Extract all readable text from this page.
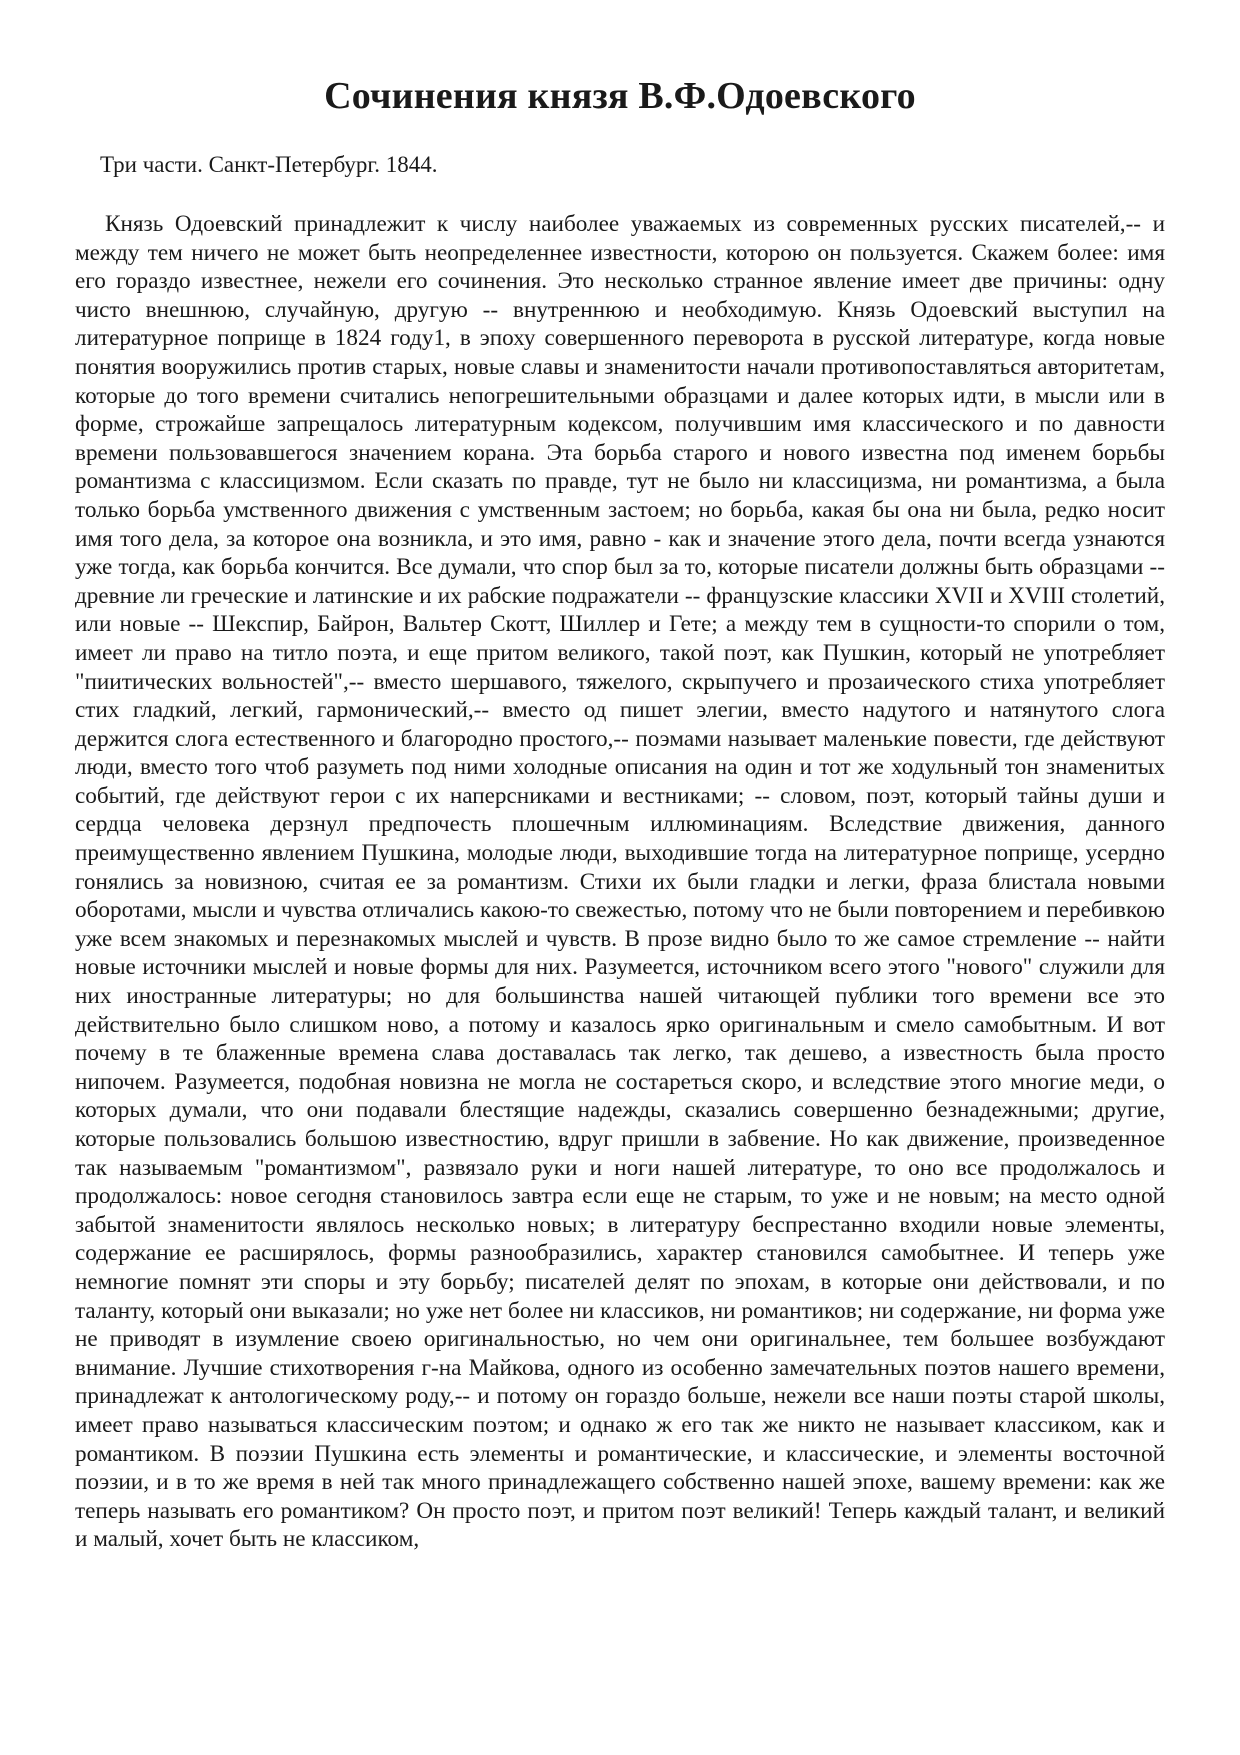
Сочинения князя В.Ф.Одоевского

Три части. Санкт-Петербург. 1844.

Князь Одоевский принадлежит к числу наиболее уважаемых из современных русских писателей,-- и между тем ничего не может быть неопределеннее известности, которою он пользуется. Скажем более: имя его гораздо известнее, нежели его сочинения. Это несколько странное явление имеет две причины: одну чисто внешнюю, случайную, другую -- внутреннюю и необходимую. Князь Одоевский выступил на литературное поприще в 1824 году1, в эпоху совершенного переворота в русской литературе, когда новые понятия вооружились против старых, новые славы и знаменитости начали противопоставляться авторитетам, которые до того времени считались непогрешительными образцами и далее которых идти, в мысли или в форме, строжайше запрещалось литературным кодексом, получившим имя классического и по давности времени пользовавшегося значением корана. Эта борьба старого и нового известна под именем борьбы романтизма с классицизмом. Если сказать по правде, тут не было ни классицизма, ни романтизма, а была только борьба умственного движения с умственным застоем; но борьба, какая бы она ни была, редко носит имя того дела, за которое она возникла, и это имя, равно - как и значение этого дела, почти всегда узнаются уже тогда, как борьба кончится. Все думали, что спор был за то, которые писатели должны быть образцами -- древние ли греческие и латинские и их рабские подражатели -- французские классики XVII и XVIII столетий, или новые -- Шекспир, Байрон, Вальтер Скотт, Шиллер и Гете; а между тем в сущности-то спорили о том, имеет ли право на титло поэта, и еще притом великого, такой поэт, как Пушкин, который не употребляет "пиитических вольностей",-- вместо шершавого, тяжелого, скрыпучего и прозаического стиха употребляет стих гладкий, легкий, гармонический,-- вместо од пишет элегии, вместо надутого и натянутого слога держится слога естественного и благородно простого,-- поэмами называет маленькие повести, где действуют люди, вместо того чтоб разуметь под ними холодные описания на один и тот же ходульный тон знаменитых событий, где действуют герои с их наперсниками и вестниками; -- словом, поэт, который тайны души и сердца человека дерзнул предпочесть плошечным иллюминациям. Вследствие движения, данного преимущественно явлением Пушкина, молодые люди, выходившие тогда на литературное поприще, усердно гонялись за новизною, считая ее за романтизм. Стихи их были гладки и легки, фраза блистала новыми оборотами, мысли и чувства отличались какою-то свежестью, потому что не были повторением и перебивкою уже всем знакомых и перезнакомых мыслей и чувств. В прозе видно было то же самое стремление -- найти новые источники мыслей и новые формы для них. Разумеется, источником всего этого "нового" служили для них иностранные литературы; но для большинства нашей читающей публики того времени все это действительно было слишком ново, а потому и казалось ярко оригинальным и смело самобытным. И вот почему в те блаженные времена слава доставалась так легко, так дешево, а известность была просто нипочем. Разумеется, подобная новизна не могла не состареться скоро, и вследствие этого многие меди, о которых думали, что они подавали блестящие надежды, сказались совершенно безнадежными; другие, которые пользовались большою известностию, вдруг пришли в забвение. Но как движение, произведенное так называемым "романтизмом", развязало руки и ноги нашей литературе, то оно все продолжалось и продолжалось: новое сегодня становилось завтра если еще не старым, то уже и не новым; на место одной забытой знаменитости являлось несколько новых; в литературу беспрестанно входили новые элементы, содержание ее расширялось, формы разнообразились, характер становился самобытнее. И теперь уже немногие помнят эти споры и эту борьбу; писателей делят по эпохам, в которые они действовали, и по таланту, который они выказали; но уже нет более ни классиков, ни романтиков; ни содержание, ни форма уже не приводят в изумление своею оригинальностью, но чем они оригинальнее, тем большее возбуждают внимание. Лучшие стихотворения г-на Майкова, одного из особенно замечательных поэтов нашего времени, принадлежат к антологическому роду,-- и потому он гораздо больше, нежели все наши поэты старой школы, имеет право называться классическим поэтом; и однако ж его так же никто не называет классиком, как и романтиком. В поэзии Пушкина есть элементы и романтические, и классические, и элементы восточной поэзии, и в то же время в ней так много принадлежащего собственно нашей эпохе, вашему времени: как же теперь называть его романтиком? Он просто поэт, и притом поэт великий! Теперь каждый талант, и великий и малый, хочет быть не классиком,
